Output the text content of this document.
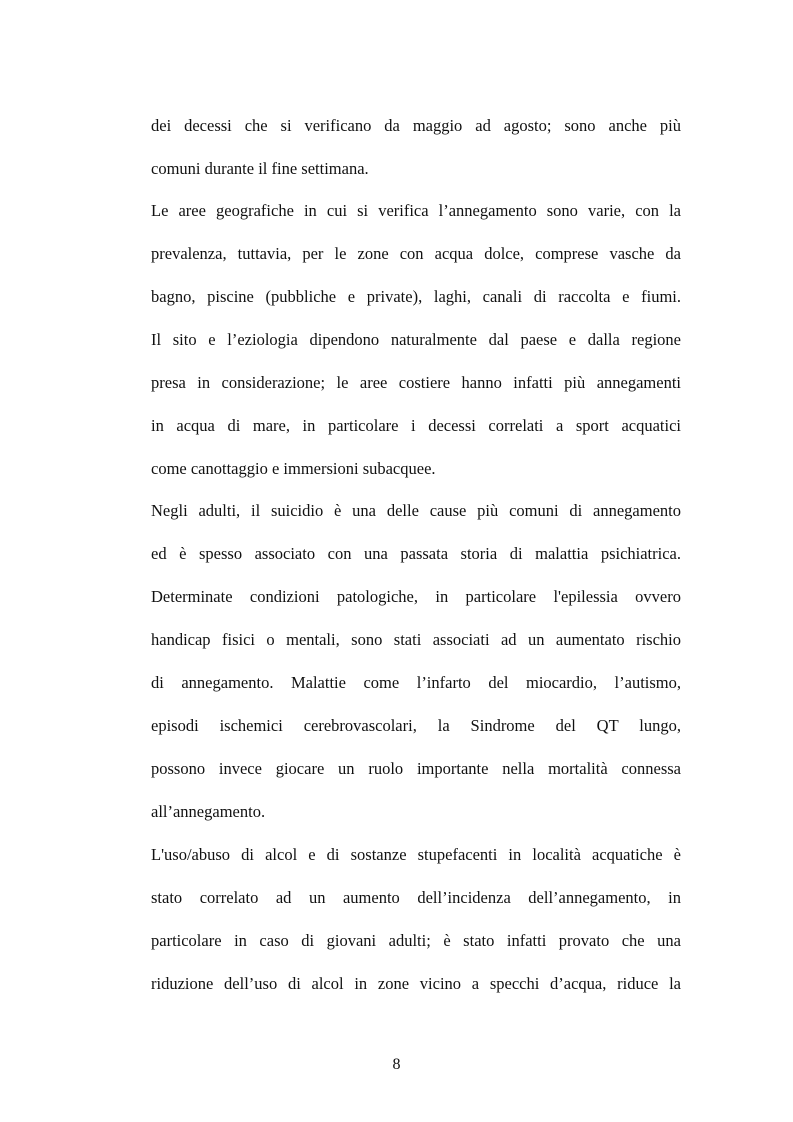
dei decessi che si verificano da maggio ad agosto; sono anche più
comuni durante il fine settimana.
Le aree geografiche in cui si verifica l’annegamento sono varie, con la
prevalenza, tuttavia, per le zone con acqua dolce, comprese vasche da
bagno, piscine (pubbliche e private), laghi, canali di raccolta e fiumi.
Il sito e l’eziologia dipendono naturalmente dal paese e dalla regione
presa in considerazione; le aree costiere hanno infatti più annegamenti
in acqua di mare, in particolare i decessi correlati a sport acquatici
come canottaggio e immersioni subacquee.
Negli adulti, il suicidio è una delle cause più comuni di annegamento
ed è spesso associato con una passata storia di malattia psichiatrica.
Determinate condizioni patologiche, in particolare l'epilessia ovvero
handicap fisici o mentali, sono stati associati ad un aumentato rischio
di annegamento. Malattie come l’infarto del miocardio, l’autismo,
episodi ischemici cerebrovascolari, la Sindrome del QT lungo,
possono invece giocare un ruolo importante nella mortalità connessa
all’annegamento.
L'uso/abuso di alcol e di sostanze stupefacenti in località acquatiche è
stato correlato ad un aumento dell’incidenza dell’annegamento, in
particolare in caso di giovani adulti; è stato infatti provato che una
riduzione dell’uso di alcol in zone vicino a specchi d’acqua, riduce la
8
